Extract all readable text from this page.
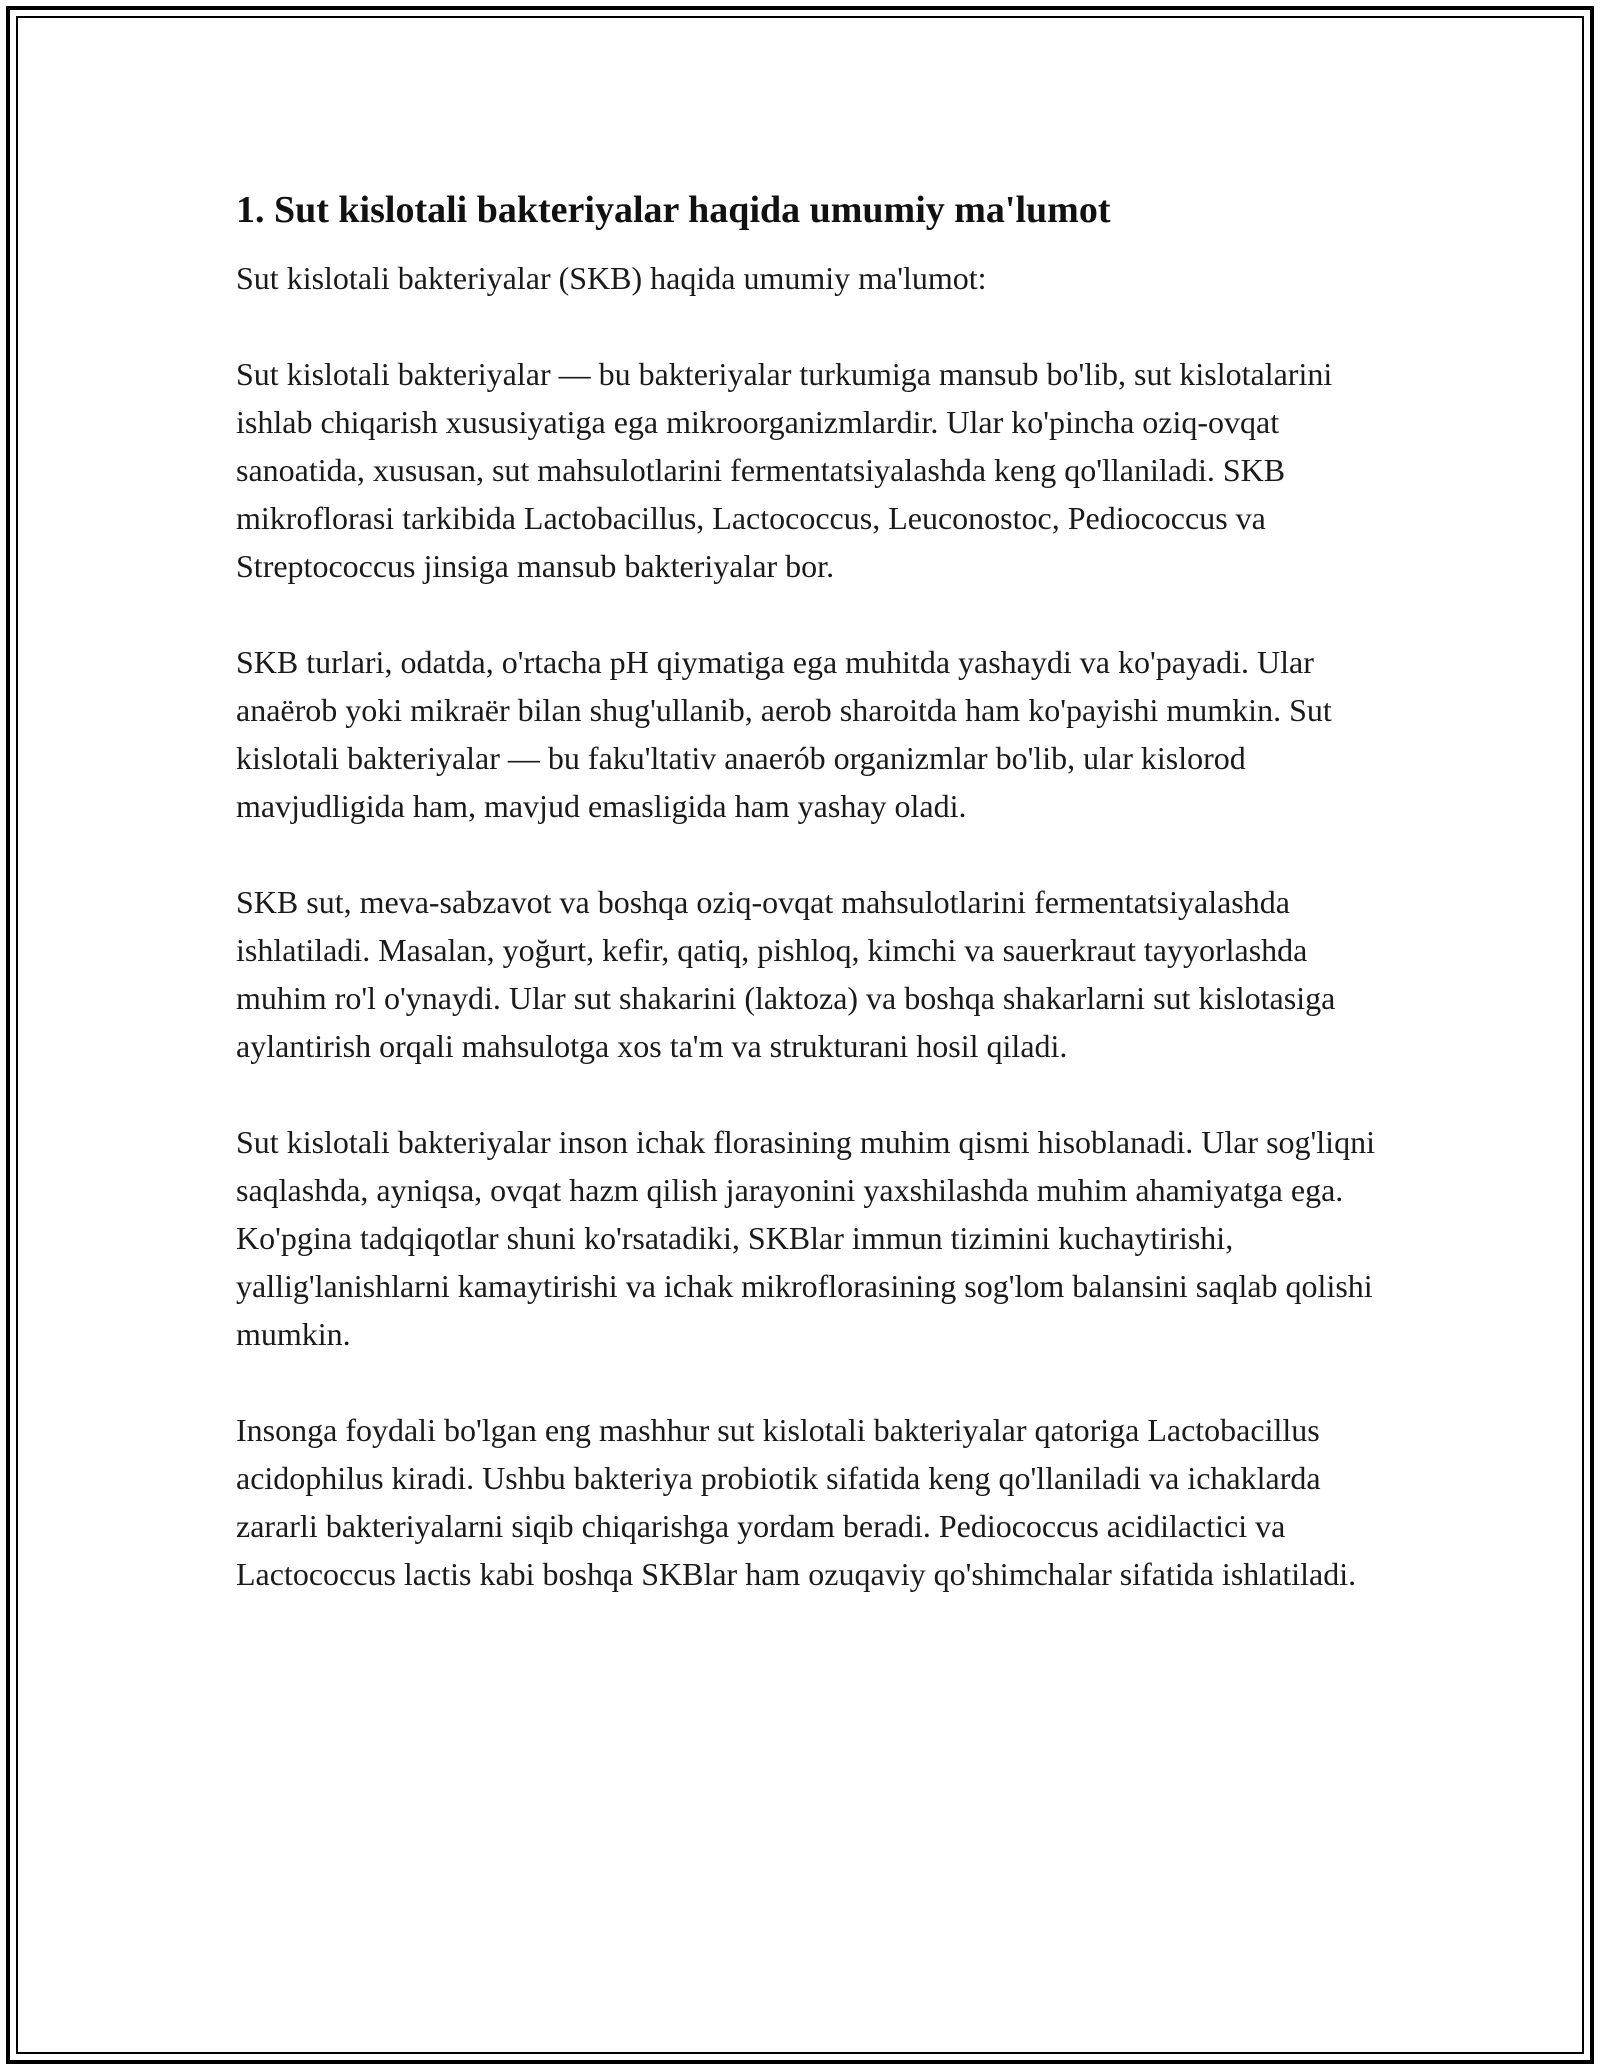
1. Sut kislotali bakteriyalar haqida umumiy ma'lumot

Sut kislotali bakteriyalar (SKB) haqida umumiy ma'lumot:

Sut kislotali bakteriyalar — bu bakteriyalar turkumiga mansub bo'lib, sut kislotalarini ishlab chiqarish xususiyatiga ega mikroorganizmlardir. Ular ko'pincha oziq-ovqat sanoatida, xususan, sut mahsulotlarini fermentatsiyalashda keng qo'llaniladi. SKB mikroflorasi tarkibida Lactobacillus, Lactococcus, Leuconostoc, Pediococcus va Streptococcus jinsiga mansub bakteriyalar bor.

SKB turlari, odatda, o'rtacha pH qiymatiga ega muhitda yashaydi va ko'payadi. Ular anaërob yoki mikraër bilan shug'ullanib, aerob sharoitda ham ko'payishi mumkin. Sut kislotali bakteriyalar — bu faku'ltativ anaerób organizmlar bo'lib, ular kislorod mavjudligida ham, mavjud emasligida ham yashay oladi.

SKB sut, meva-sabzavot va boshqa oziq-ovqat mahsulotlarini fermentatsiyalashda ishlatiladi. Masalan, yoğurt, kefir, qatiq, pishloq, kimchi va sauerkraut tayyorlashda muhim ro'l o'ynaydi. Ular sut shakarini (laktoza) va boshqa shakarlarni sut kislotasiga aylantirish orqali mahsulotga xos ta'm va strukturani hosil qiladi.

Sut kislotali bakteriyalar inson ichak florasining muhim qismi hisoblanadi. Ular sog'liqni saqlashda, ayniqsa, ovqat hazm qilish jarayonini yaxshilashda muhim ahamiyatga ega. Ko'pgina tadqiqotlar shuni ko'rsatadiki, SKBlar immun tizimini kuchaytirishi, yallig'lanishlarni kamaytirishi va ichak mikroflorasining sog'lom balansini saqlab qolishi mumkin.

Insonga foydali bo'lgan eng mashhur sut kislotali bakteriyalar qatoriga Lactobacillus acidophilus kiradi. Ushbu bakteriya probiotik sifatida keng qo'llaniladi va ichaklarda zararli bakteriyalarni siqib chiqarishga yordam beradi. Pediococcus acidilactici va Lactococcus lactis kabi boshqa SKBlar ham ozuqaviy qo'shimchalar sifatida ishlatiladi.
